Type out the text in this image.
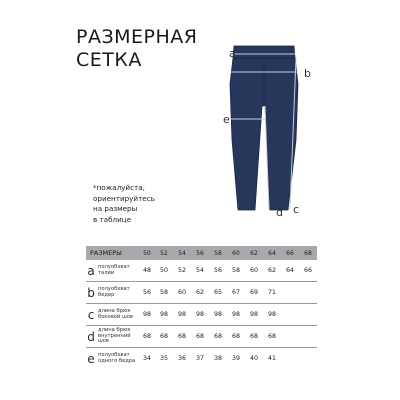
РАЗМЕРНАЯ
СЕТКА	a
b
e
d c
*пожалуйста,
ориентируйтесь
на размеры
в таблице
РАЗМЕРЫ	50	52	54	56	58	60	62	64	66	68
a полуобхват
талии	48	50	52	54	56	58	60	62	64	66
b полуобхват
бедер	56	58	60	62	65	67	69	71		
c длина брюк
боковой шов	98	98	98	98	98	98	98	98		
d длина брюк
внутренний
шов	68	68	68	68	68	68	68	68		
e полуобхват
одного бедра	34	35	36	37	38	39	40	41		
